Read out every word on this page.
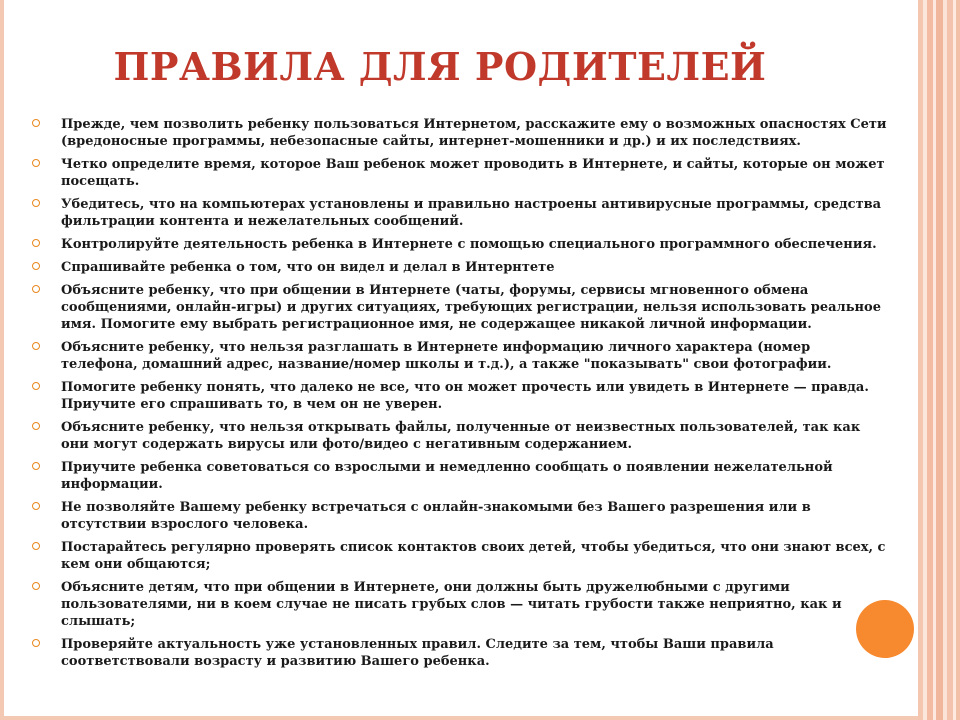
ПРАВИЛА ДЛЯ РОДИТЕЛЕЙ
Прежде, чем позволить ребенку пользоваться Интернетом, расскажите ему о возможных опасностях Сети (вредоносные программы, небезопасные сайты, интернет-мошенники и др.) и их последствиях.
Четко определите время, которое Ваш ребенок может проводить в Интернете, и сайты, которые он может посещать.
Убедитесь, что на компьютерах установлены и правильно настроены антивирусные программы, средства фильтрации контента и нежелательных сообщений.
Контролируйте деятельность ребенка в Интернете с помощью специального программного обеспечения.
Спрашивайте ребенка о том, что он видел и делал в Интернтете
Объясните ребенку, что при общении в Интернете (чаты, форумы, сервисы мгновенного обмена сообщениями, онлайн-игры) и других ситуациях, требующих регистрации, нельзя использовать реальное имя. Помогите ему выбрать регистрационное имя, не содержащее никакой личной информации.
Объясните ребенку, что нельзя разглашать в Интернете информацию личного характера (номер телефона, домашний адрес, название/номер школы и т.д.), а также "показывать" свои фотографии.
Помогите ребенку понять, что далеко не все, что он может прочесть или увидеть в Интернете — правда. Приучите его спрашивать то, в чем он не уверен.
Объясните ребенку, что нельзя открывать файлы, полученные от неизвестных пользователей, так как они могут содержать вирусы или фото/видео с негативным содержанием.
Приучите ребенка советоваться со взрослыми и немедленно сообщать о появлении нежелательной информации.
Не позволяйте Вашему ребенку встречаться с онлайн-знакомыми без Вашего разрешения или в отсутствии взрослого человека.
Постарайтесь регулярно проверять список контактов своих детей, чтобы убедиться, что они знают всех, с кем они общаются;
Объясните детям, что при общении в Интернете, они должны быть дружелюбными с другими пользователями, ни в коем случае не писать грубых слов — читать грубости также неприятно, как и слышать;
Проверяйте актуальность уже установленных правил. Следите за тем, чтобы Ваши правила соответствовали возрасту и развитию Вашего ребенка.
